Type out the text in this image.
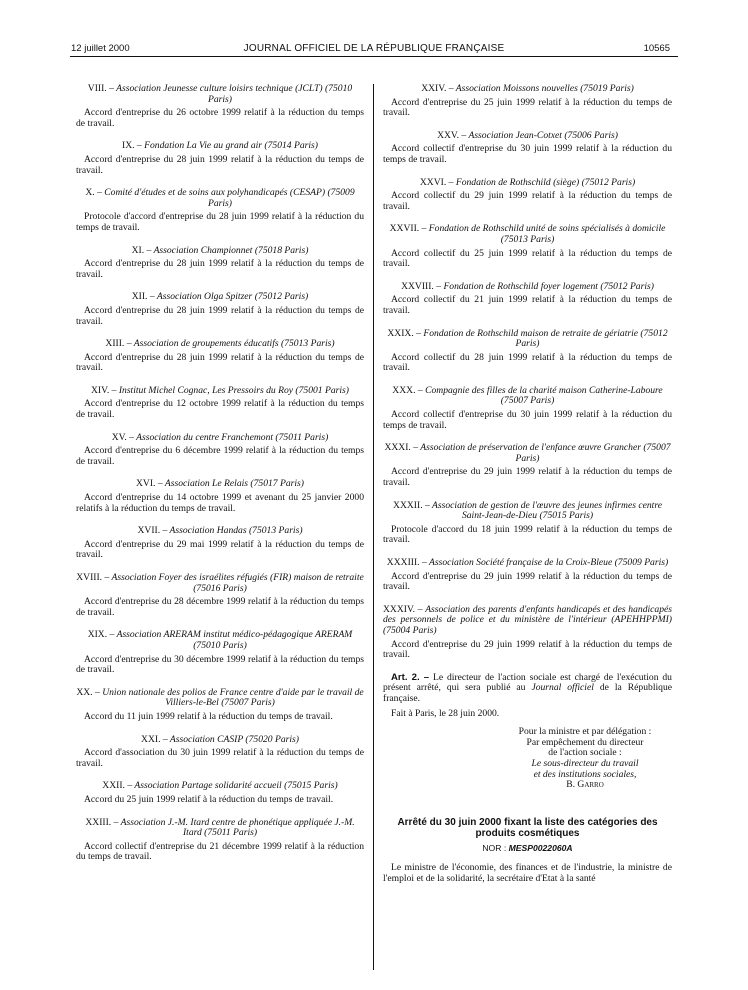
12 juillet 2000	JOURNAL OFFICIEL DE LA RÉPUBLIQUE FRANÇAISE	10565

VIII. – Association Jeunesse culture loisirs technique (JCLT) (75010 Paris)

Accord d'entreprise du 26 octobre 1999 relatif à la réduction du temps de travail.

IX. – Fondation La Vie au grand air (75014 Paris)

Accord d'entreprise du 28 juin 1999 relatif à la réduction du temps de travail.

X. – Comité d'études et de soins aux polyhandicapés (CESAP) (75009 Paris)

Protocole d'accord d'entreprise du 28 juin 1999 relatif à la réduction du temps de travail.

XI. – Association Championnet (75018 Paris)

Accord d'entreprise du 28 juin 1999 relatif à la réduction du temps de travail.

XII. – Association Olga Spitzer (75012 Paris)

Accord d'entreprise du 28 juin 1999 relatif à la réduction du temps de travail.

XIII. – Association de groupements éducatifs (75013 Paris)

Accord d'entreprise du 28 juin 1999 relatif à la réduction du temps de travail.

XIV. – Institut Michel Cognac, Les Pressoirs du Roy (75001 Paris)

Accord d'entreprise du 12 octobre 1999 relatif à la réduction du temps de travail.

XV. – Association du centre Franchemont (75011 Paris)

Accord d'entreprise du 6 décembre 1999 relatif à la réduction du temps de travail.

XVI. – Association Le Relais (75017 Paris)

Accord d'entreprise du 14 octobre 1999 et avenant du 25 janvier 2000 relatifs à la réduction du temps de travail.

XVII. – Association Handas (75013 Paris)

Accord d'entreprise du 29 mai 1999 relatif à la réduction du temps de travail.

XVIII. – Association Foyer des israélites réfugiés (FIR) maison de retraite (75016 Paris)

Accord d'entreprise du 28 décembre 1999 relatif à la réduction du temps de travail.

XIX. – Association ARERAM institut médico-pédagogique ARERAM (75010 Paris)

Accord d'entreprise du 30 décembre 1999 relatif à la réduction du temps de travail.

XX. – Union nationale des polios de France centre d'aide par le travail de Villiers-le-Bel (75007 Paris)

Accord du 11 juin 1999 relatif à la réduction du temps de travail.

XXI. – Association CASIP (75020 Paris)

Accord d'association du 30 juin 1999 relatif à la réduction du temps de travail.

XXII. – Association Partage solidarité accueil (75015 Paris)

Accord du 25 juin 1999 relatif à la réduction du temps de travail.

XXIII. – Association J.-M. Itard centre de phonétique appliquée J.-M. Itard (75011 Paris)

Accord collectif d'entreprise du 21 décembre 1999 relatif à la réduction du temps de travail.

XXIV. – Association Moissons nouvelles (75019 Paris)

Accord d'entreprise du 25 juin 1999 relatif à la réduction du temps de travail.

XXV. – Association Jean-Cotxet (75006 Paris)

Accord collectif d'entreprise du 30 juin 1999 relatif à la réduction du temps de travail.

XXVI. – Fondation de Rothschild (siège) (75012 Paris)

Accord collectif du 29 juin 1999 relatif à la réduction du temps de travail.

XXVII. – Fondation de Rothschild unité de soins spécialisés à domicile (75013 Paris)

Accord collectif du 25 juin 1999 relatif à la réduction du temps de travail.

XXVIII. – Fondation de Rothschild foyer logement (75012 Paris)

Accord collectif du 21 juin 1999 relatif à la réduction du temps de travail.

XXIX. – Fondation de Rothschild maison de retraite de gériatrie (75012 Paris)

Accord collectif du 28 juin 1999 relatif à la réduction du temps de travail.

XXX. – Compagnie des filles de la charité maison Catherine-Laboure (75007 Paris)

Accord collectif d'entreprise du 30 juin 1999 relatif à la réduction du temps de travail.

XXXI. – Association de préservation de l'enfance œuvre Grancher (75007 Paris)

Accord d'entreprise du 29 juin 1999 relatif à la réduction du temps de travail.

XXXII. – Association de gestion de l'œuvre des jeunes infirmes centre Saint-Jean-de-Dieu (75015 Paris)

Protocole d'accord du 18 juin 1999 relatif à la réduction du temps de travail.

XXXIII. – Association Société française de la Croix-Bleue (75009 Paris)

Accord d'entreprise du 29 juin 1999 relatif à la réduction du temps de travail.

XXXIV. – Association des parents d'enfants handicapés et des handicapés des personnels de police et du ministère de l'intérieur (APEHHPPMI) (75004 Paris)

Accord d'entreprise du 29 juin 1999 relatif à la réduction du temps de travail.

Art. 2. – Le directeur de l'action sociale est chargé de l'exécution du présent arrêté, qui sera publié au Journal officiel de la République française.

Fait à Paris, le 28 juin 2000.

Pour la ministre et par délégation :

Par empêchement du directeur

de l'action sociale :

Le sous-directeur du travail

et des institutions sociales,

B. Garro

Arrêté du 30 juin 2000 fixant la liste des catégories des produits cosmétiques
NOR : MESP0022060A

Le ministre de l'économie, des finances et de l'industrie, la ministre de l'emploi et de la solidarité, la secrétaire d'Etat à la santé
